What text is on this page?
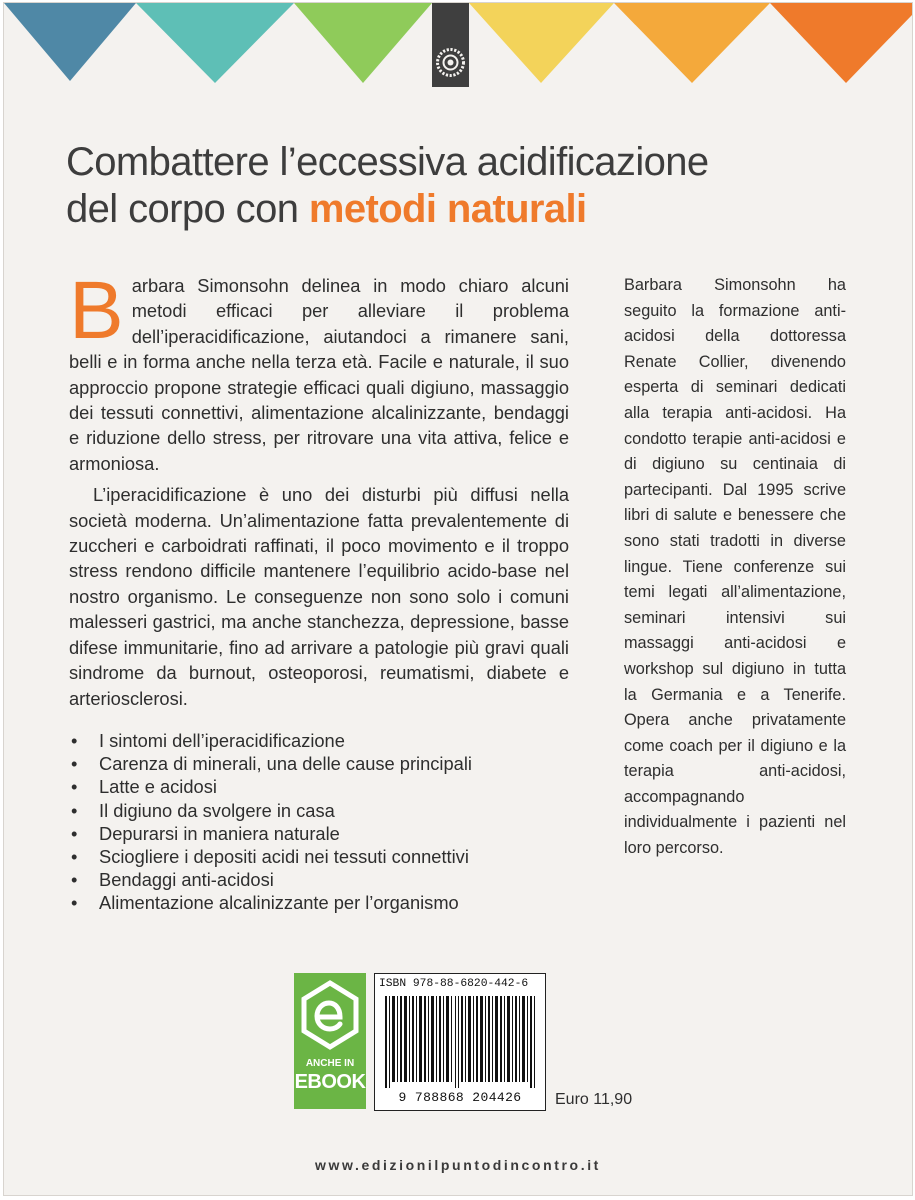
Combattere l’eccessiva acidificazione
del corpo con metodi naturali

Barbara Simonsohn delinea in modo chiaro alcuni metodi efficaci per alleviare il problema dell’iperacidificazione, aiutandoci a rimanere sani, belli e in forma anche nella terza età. Facile e naturale, il suo approccio propone strategie efficaci quali digiuno, massaggio dei tessuti connettivi, alimentazione alcalinizzante, bendaggi e riduzione dello stress, per ritrovare una vita attiva, felice e armoniosa.

L’iperacidificazione è uno dei disturbi più diffusi nella società moderna. Un’alimentazione fatta prevalentemente di zuccheri e carboidrati raffinati, il poco movimento e il troppo stress rendono difficile mantenere l’equilibrio acido-base nel nostro organismo. Le conseguenze non sono solo i comuni malesseri gastrici, ma anche stanchezza, depressione, basse difese immunitarie, fino ad arrivare a patologie più gravi quali sindrome da burnout, osteoporosi, reumatismi, diabete e arteriosclerosi.

• I sintomi dell’iperacidificazione
• Carenza di minerali, una delle cause principali
• Latte e acidosi
• Il digiuno da svolgere in casa
• Depurarsi in maniera naturale
• Sciogliere i depositi acidi nei tessuti connettivi
• Bendaggi anti-acidosi
• Alimentazione alcalinizzante per l’organismo
Barbara Simonsohn ha seguito la formazione anti-acidosi della dottoressa Renate Collier, divenendo esperta di seminari dedicati alla terapia anti-acidosi. Ha condotto terapie anti-acidosi e di digiuno su centinaia di partecipanti. Dal 1995 scrive libri di salute e benessere che sono stati tradotti in diverse lingue. Tiene conferenze sui temi legati all’alimentazione, seminari intensivi sui massaggi anti-acidosi e workshop sul digiuno in tutta la Germania e a Tenerife. Opera anche privatamente come coach per il digiuno e la terapia anti-acidosi, accompagnando individualmente i pazienti nel loro percorso.
ANCHE IN
EBOOK
ISBN 978-88-6820-442-6
9 788868 204426	Euro 11,90
www.edizionilpuntodincontro.it
